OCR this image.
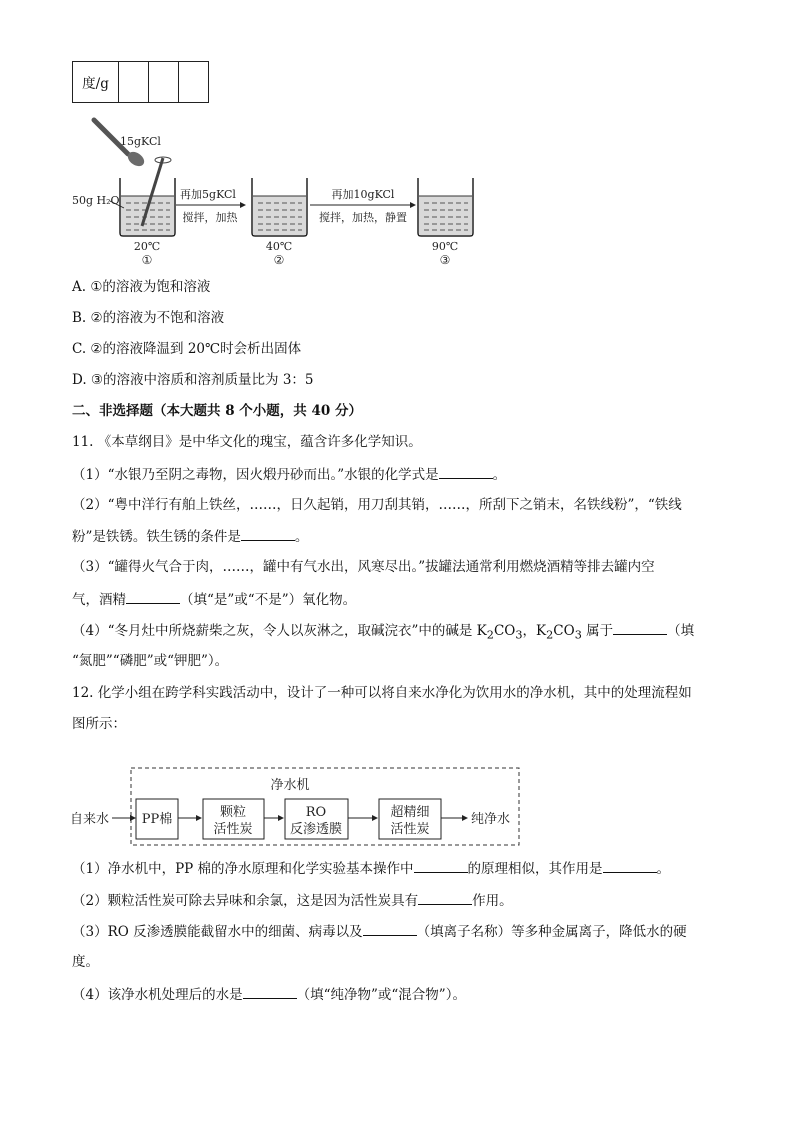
度/g			
15gKCl
50g H₂O
20℃
①
再加5gKCl
搅拌，加热
40℃
②
再加10gKCl
搅拌，加热，静置
90℃
③
A. ①的溶液为饱和溶液
B. ②的溶液为不饱和溶液
C. ②的溶液降温到 20℃时会析出固体
D. ③的溶液中溶质和溶剂质量比为 3：5
二、非选择题（本大题共 8 个小题，共 40 分）
11. 《本草纲目》是中华文化的瑰宝，蕴含许多化学知识。
（1）“水银乃至阴之毒物，因火煅丹砂而出。”水银的化学式是	。
（2）“粤中洋行有舶上铁丝，……，日久起销，用刀刮其销，……，所刮下之销末，名铁线粉”，“铁线
粉”是铁锈。铁生锈的条件是	。
（3）“罐得火气合于肉，……，罐中有气水出，风寒尽出。”拔罐法通常利用燃烧酒精等排去罐内空
气，酒精	（填“是”或“不是”）氧化物。
（4）“冬月灶中所烧薪柴之灰，令人以灰淋之，取碱浣衣”中的碱是 $K_2CO_3$，$K_2CO_3$ 属于	（填
“氮肥”“磷肥”或“钾肥”）。
12. 化学小组在跨学科实践活动中，设计了一种可以将自来水净化为饮用水的净水机，其中的处理流程如
图所示：
净水机
自来水	PP棉	颗粒
活性炭
RO
反渗透膜
超精细
活性炭
纯净水
（1）净水机中，PP 棉的净水原理和化学实验基本操作中	的原理相似，其作用是	。
（2）颗粒活性炭可除去异味和余氯，这是因为活性炭具有	作用。
（3）RO 反渗透膜能截留水中的细菌、病毒以及	（填离子名称）等多种金属离子，降低水的硬
度。
（4）该净水机处理后的水是	（填“纯净物”或“混合物”）。
